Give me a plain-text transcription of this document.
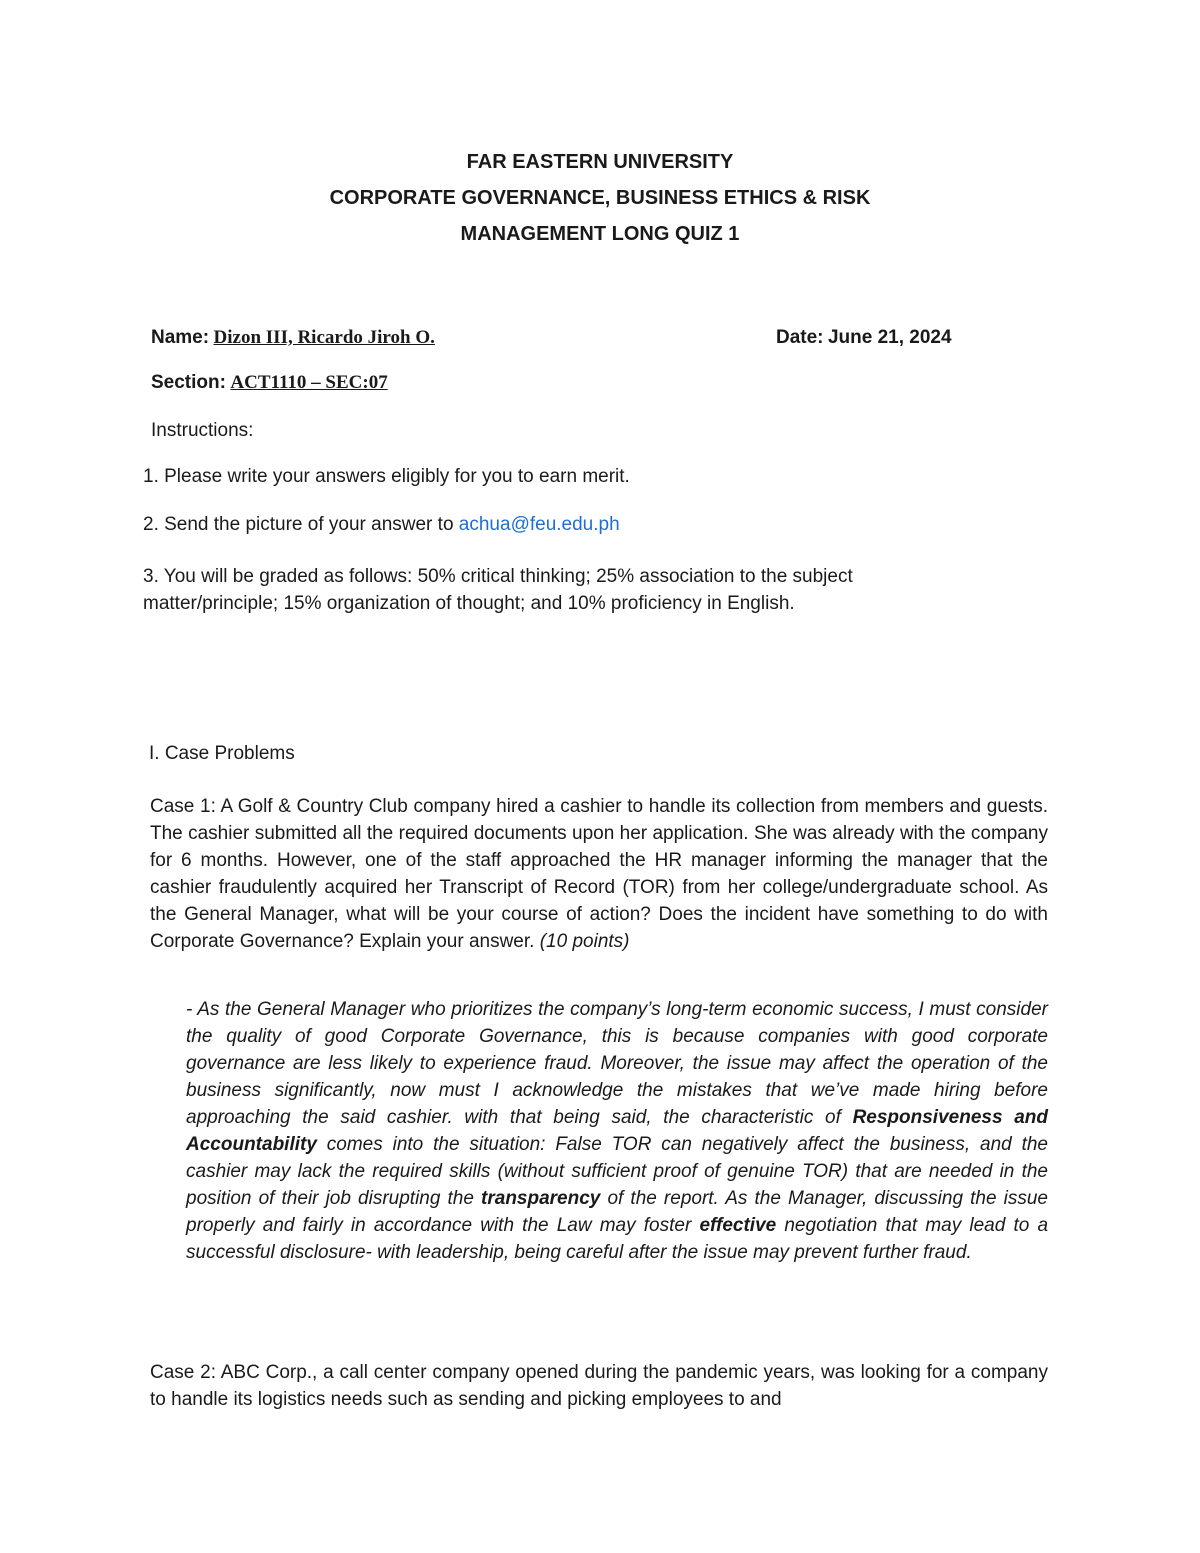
FAR EASTERN UNIVERSITY
CORPORATE GOVERNANCE, BUSINESS ETHICS & RISK
MANAGEMENT LONG QUIZ 1
Name: Dizon III, Ricardo Jiroh O.	Date: June 21, 2024
Section: ACT1110 – SEC:07
Instructions:
1. Please write your answers eligibly for you to earn merit.
2. Send the picture of your answer to achua@feu.edu.ph
3. You will be graded as follows: 50% critical thinking; 25% association to the subject
matter/principle; 15% organization of thought; and 10% proficiency in English.
I. Case Problems

Case 1: A Golf & Country Club company hired a cashier to handle its collection from members and guests. The cashier submitted all the required documents upon her application. She was already with the company for 6 months. However, one of the staff approached the HR manager informing the manager that the cashier fraudulently acquired her Transcript of Record (TOR) from her college/undergraduate school. As the General Manager, what will be your course of action? Does the incident have something to do with Corporate Governance? Explain your answer. (10 points)

- As the General Manager who prioritizes the company’s long-term economic success, I must consider the quality of good Corporate Governance, this is because companies with good corporate governance are less likely to experience fraud. Moreover, the issue may affect the operation of the business significantly, now must I acknowledge the mistakes that we’ve made hiring before approaching the said cashier. with that being said, the characteristic of Responsiveness and Accountability comes into the situation: False TOR can negatively affect the business, and the cashier may lack the required skills (without sufficient proof of genuine TOR) that are needed in the position of their job disrupting the transparency of the report. As the Manager, discussing the issue properly and fairly in accordance with the Law may foster effective negotiation that may lead to a successful disclosure- with leadership, being careful after the issue may prevent further fraud.

Case 2: ABC Corp., a call center company opened during the pandemic years, was looking for a company to handle its logistics needs such as sending and picking employees to and
